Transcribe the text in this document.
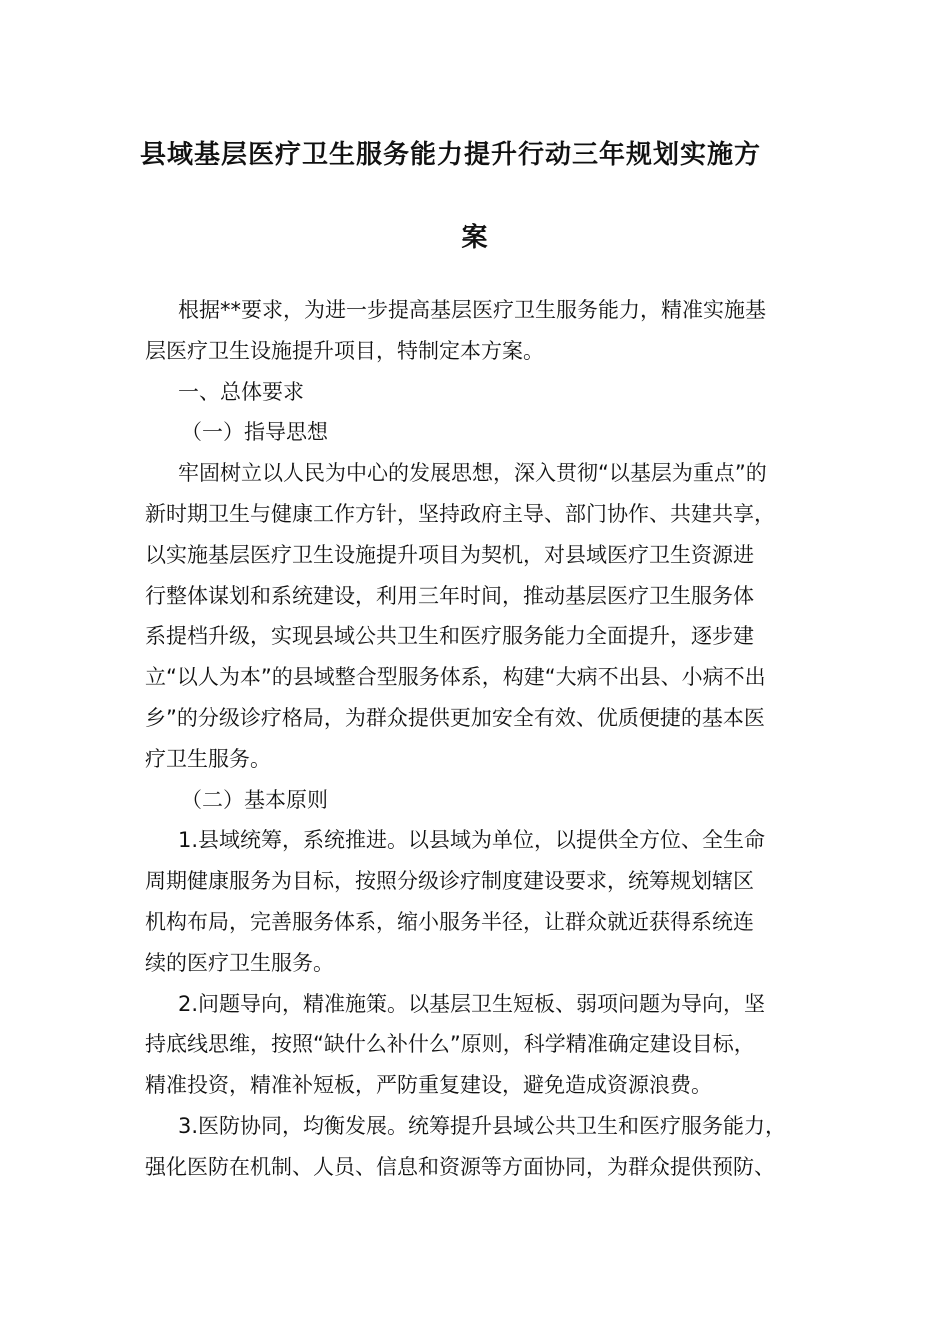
县域基层医疗卫生服务能力提升行动三年规划实施方
案
根据**要求，为进一步提高基层医疗卫生服务能力，精准实施基
层医疗卫生设施提升项目，特制定本方案。
一、总体要求
（一）指导思想
牢固树立以人民为中心的发展思想，深入贯彻“以基层为重点”的
新时期卫生与健康工作方针，坚持政府主导、部门协作、共建共享，
以实施基层医疗卫生设施提升项目为契机，对县域医疗卫生资源进
行整体谋划和系统建设，利用三年时间，推动基层医疗卫生服务体
系提档升级，实现县域公共卫生和医疗服务能力全面提升，逐步建
立“以人为本”的县域整合型服务体系，构建“大病不出县、小病不出
乡”的分级诊疗格局，为群众提供更加安全有效、优质便捷的基本医
疗卫生服务。
（二）基本原则
1.县域统筹，系统推进。以县域为单位，以提供全方位、全生命
周期健康服务为目标，按照分级诊疗制度建设要求，统筹规划辖区
机构布局，完善服务体系，缩小服务半径，让群众就近获得系统连
续的医疗卫生服务。
2.问题导向，精准施策。以基层卫生短板、弱项问题为导向，坚
持底线思维，按照“缺什么补什么”原则，科学精准确定建设目标，
精准投资，精准补短板，严防重复建设，避免造成资源浪费。
3.医防协同，均衡发展。统筹提升县域公共卫生和医疗服务能力，
强化医防在机制、人员、信息和资源等方面协同，为群众提供预防、
